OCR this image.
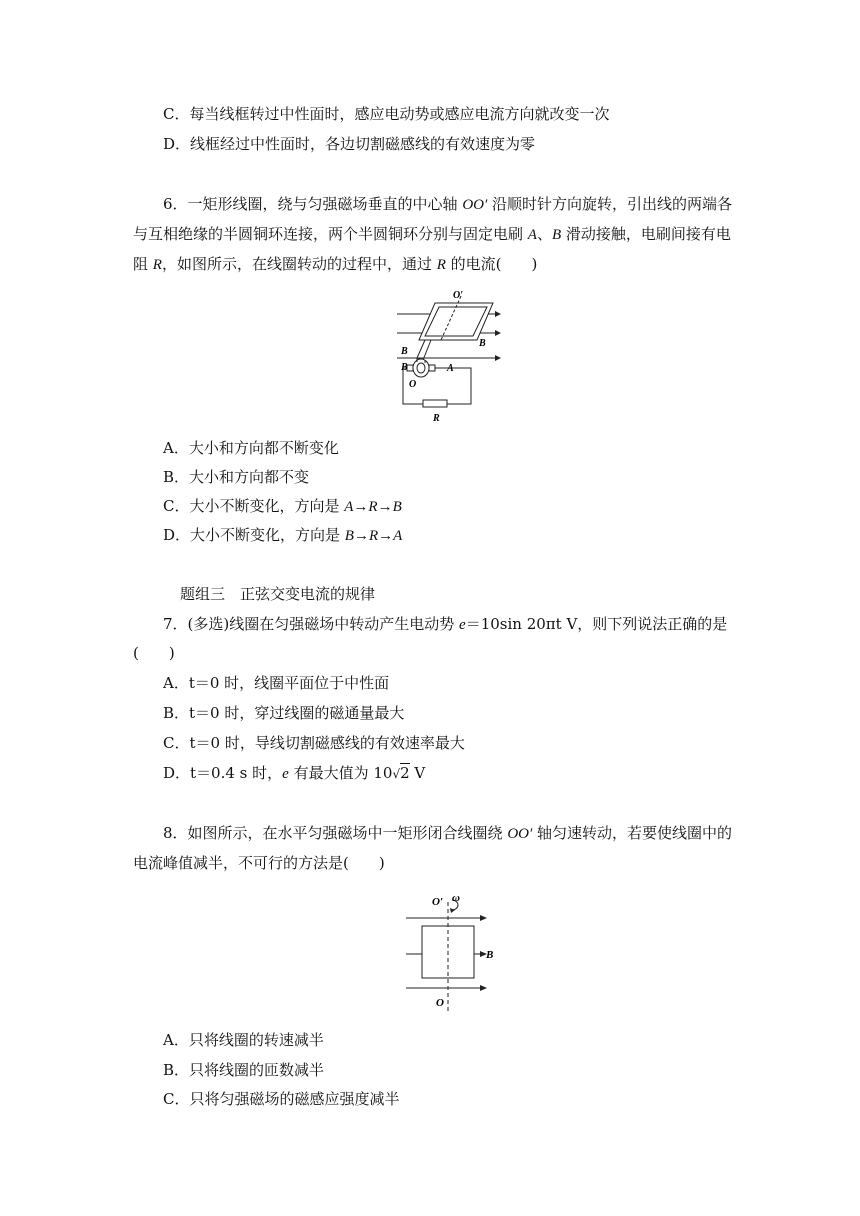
C．每当线框转过中性面时，感应电动势或感应电流方向就改变一次
D．线框经过中性面时，各边切割磁感线的有效速度为零
6．一矩形线圈，绕与匀强磁场垂直的中心轴 OO′ 沿顺时针方向旋转，引出线的两端各
与互相绝缘的半圆铜环连接，两个半圆铜环分别与固定电刷 A、B 滑动接触，电刷间接有电
阻 R，如图所示，在线圈转动的过程中，通过 R 的电流(　　)
O′
B
B
B	A
O
R
A．大小和方向都不断变化
B．大小和方向都不变
C．大小不断变化，方向是 A→R→B
D．大小不断变化，方向是 B→R→A
题组三　正弦交变电流的规律
7．(多选)线圈在匀强磁场中转动产生电动势 e＝10sin 20πt V，则下列说法正确的是
(　　)
A．t＝0 时，线圈平面位于中性面
B．t＝0 时，穿过线圈的磁通量最大
C．t＝0 时，导线切割磁感线的有效速率最大
D．t＝0.4 s 时，e 有最大值为 10√2 V
8．如图所示，在水平匀强磁场中一矩形闭合线圈绕 OO′ 轴匀速转动，若要使线圈中的
电流峰值减半，不可行的方法是(　　)
O′ ω
B
O
A．只将线圈的转速减半
B．只将线圈的匝数减半
C．只将匀强磁场的磁感应强度减半
